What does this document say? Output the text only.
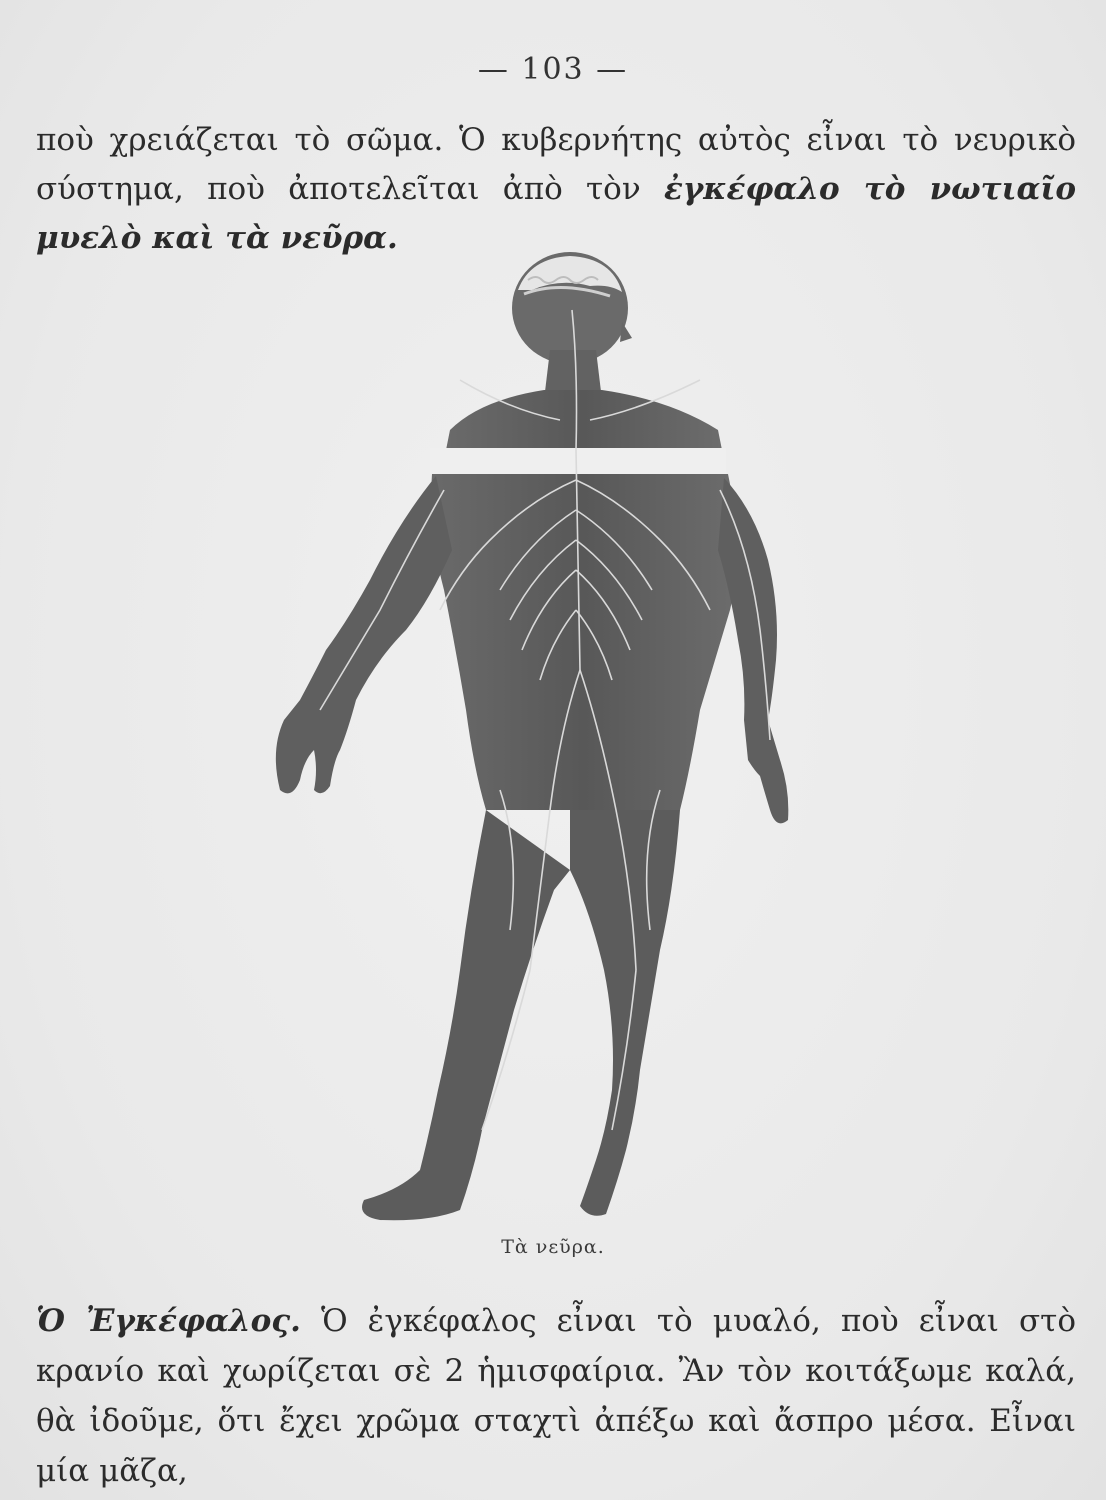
— 103 —
ποὺ χρειάζεται τὸ σῶμα. Ὁ κυβερνήτης αὐτὸς εἶναι τὸ νευρικὸ σύστημα, ποὺ ἀποτελεῖται ἀπὸ τὸν ἐγκέφαλο τὸ νωτιαῖο μυελὸ καὶ τὰ νεῦρα.
Τὰ νεῦρα.
Ὁ Ἐγκέφαλος. Ὁ ἐγκέφαλος εἶναι τὸ μυαλό, ποὺ εἶναι στὸ κρανίο καὶ χωρίζεται σὲ 2 ἡμισφαίρια. Ἂν τὸν κοιτάξωμε καλά, θὰ ἰδοῦμε, ὅτι ἔχει χρῶμα σταχτὶ ἀπέξω καὶ ἄσπρο μέσα. Εἶναι μία μᾶζα,
